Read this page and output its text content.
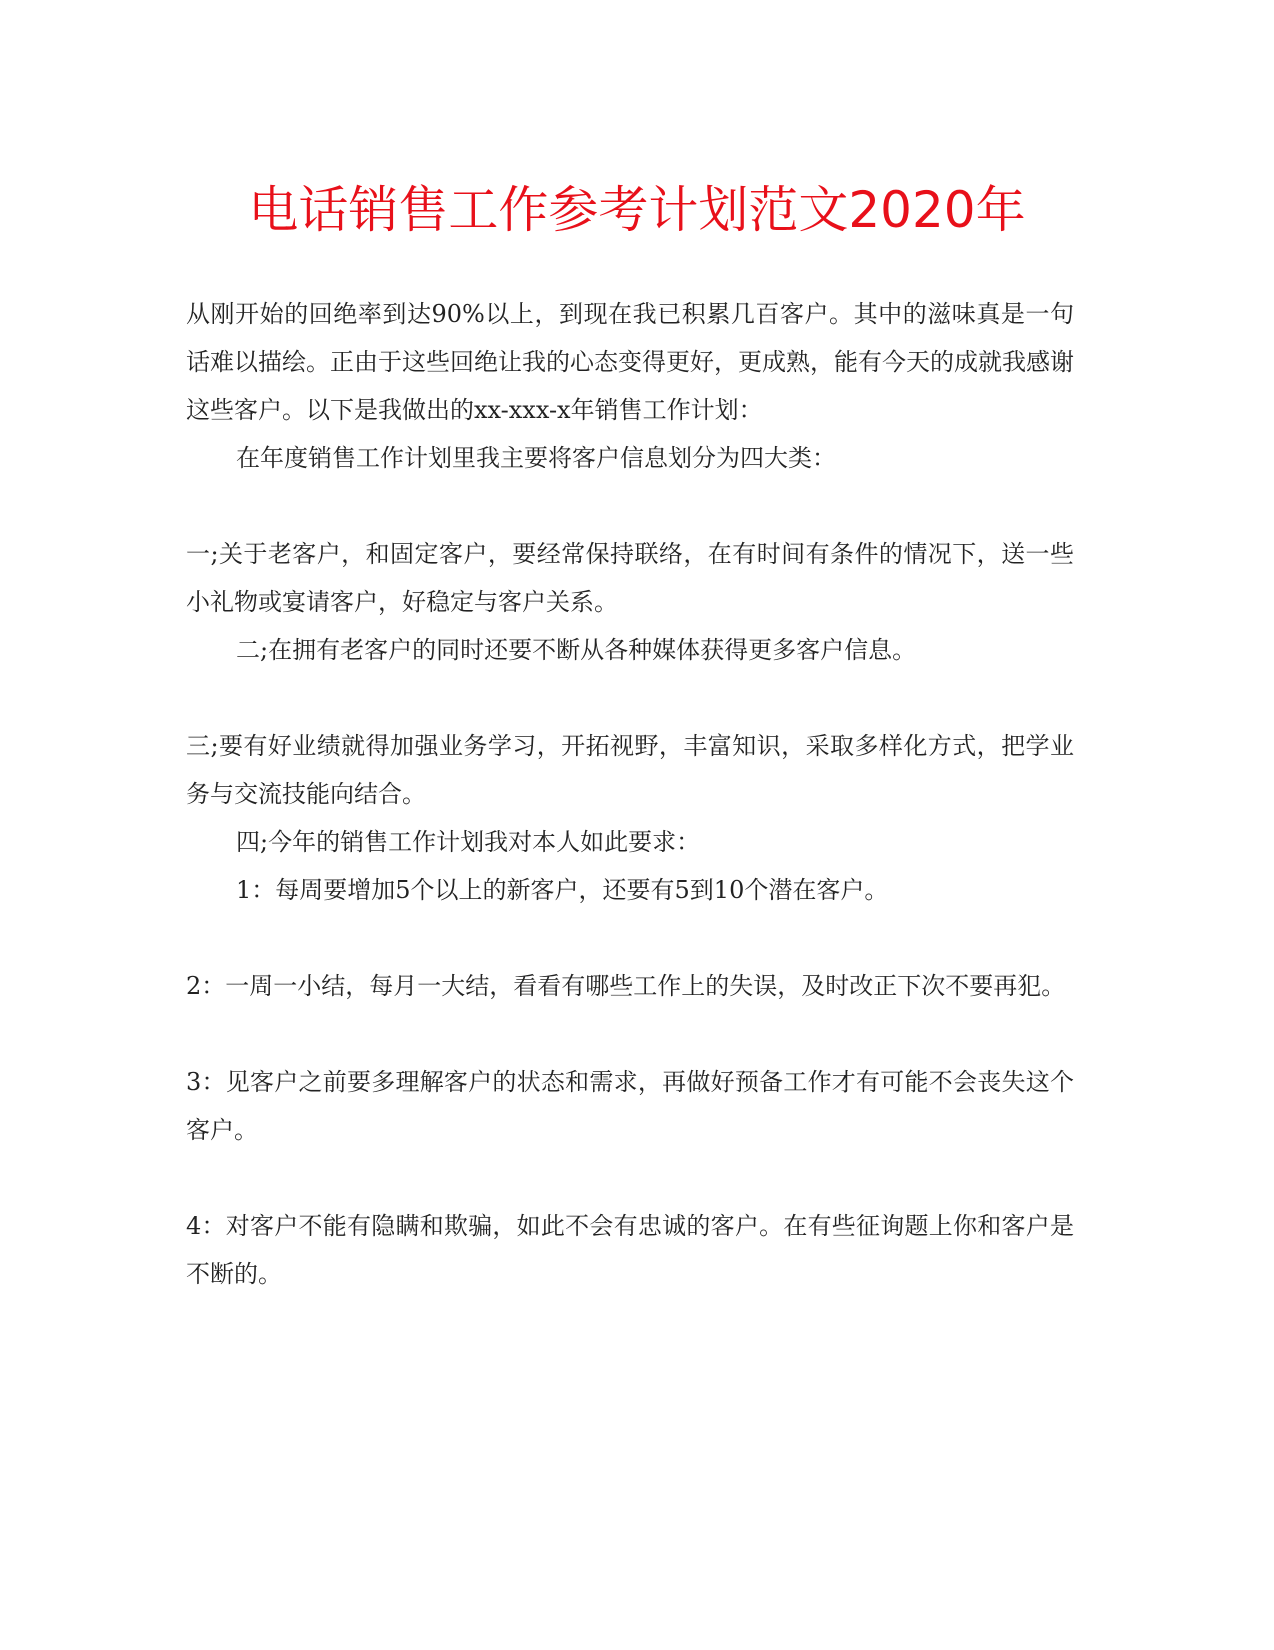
电话销售工作参考计划范文2020年

从刚开始的回绝率到达90%以上，到现在我已积累几百客户。其中的滋味真是一句话难以描绘。正由于这些回绝让我的心态变得更好，更成熟，能有今天的成就我感谢这些客户。以下是我做出的xx-xxx-x年销售工作计划：

在年度销售工作计划里我主要将客户信息划分为四大类：

一;关于老客户，和固定客户，要经常保持联络，在有时间有条件的情况下，送一些小礼物或宴请客户，好稳定与客户关系。

二;在拥有老客户的同时还要不断从各种媒体获得更多客户信息。

三;要有好业绩就得加强业务学习，开拓视野，丰富知识，采取多样化方式，把学业务与交流技能向结合。

四;今年的销售工作计划我对本人如此要求：

1：每周要增加5个以上的新客户，还要有5到10个潜在客户。

2：一周一小结，每月一大结，看看有哪些工作上的失误，及时改正下次不要再犯。

3：见客户之前要多理解客户的状态和需求，再做好预备工作才有可能不会丧失这个客户。

4：对客户不能有隐瞒和欺骗，如此不会有忠诚的客户。在有些征询题上你和客户是不断的。
